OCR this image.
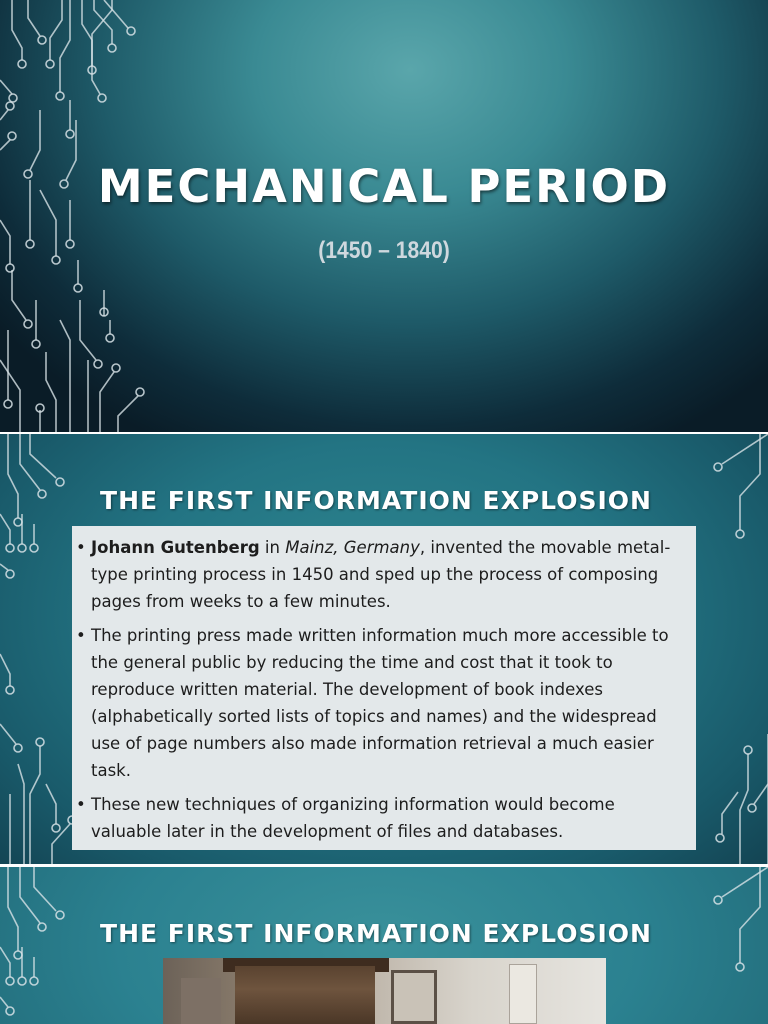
MECHANICAL PERIOD
(1450 – 1840)
THE FIRST INFORMATION EXPLOSION
• Johann Gutenberg in Mainz, Germany, invented the movable metal-type printing process in 1450 and sped up the process of composing pages from weeks to a few minutes.
• The printing press made written information much more accessible to the general public by reducing the time and cost that it took to reproduce written material. The development of book indexes (alphabetically sorted lists of topics and names) and the widespread use of page numbers also made information retrieval a much easier task.
• These new techniques of organizing information would become valuable later in the development of files and databases.
THE FIRST INFORMATION EXPLOSION
